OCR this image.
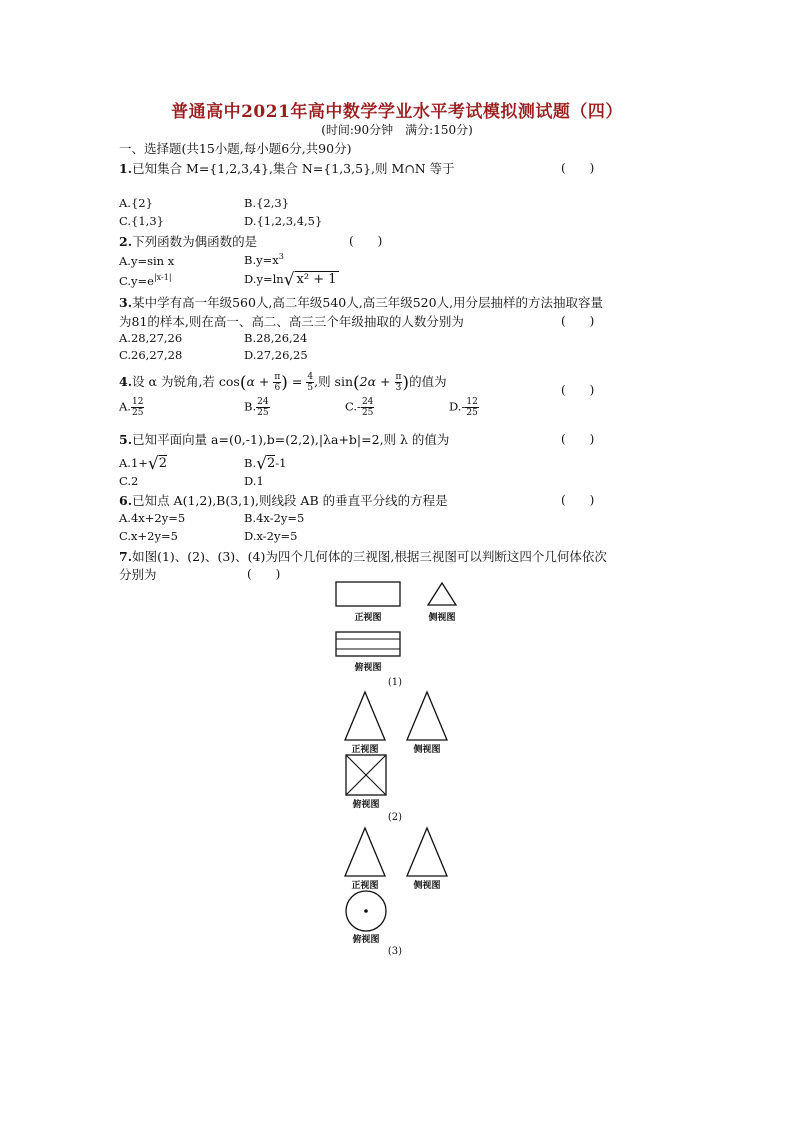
普通高中2021年高中数学学业水平考试模拟测试题（四）
(时间:90分钟　满分:150分)
一、选择题(共15小题,每小题6分,共90分)
1.已知集合 M={1,2,3,4},集合 N={1,3,5},则 M∩N 等于	(　　)
A.{2}	B.{2,3}
C.{1,3}	D.{1,2,3,4,5}
2.下列函数为偶函数的是	(　　)
A.y=sin x	$B.y=x^3$
$C.y=e^{|x-1|}$	D.y=ln√ x² + 1
3.某中学有高一年级560人,高二年级540人,高三年级520人,用分层抽样的方法抽取容量
为81的样本,则在高一、高二、高三三个年级抽取的人数分别为	(　　)
A.28,27,26	B.28,26,24
C.26,27,28	D.27,26,25
4.设 α 为锐角,若 $\cos(\alpha + \frac{\pi}{6}$ ) = $\frac{4}{5}$ ,则 $\sin(2\alpha + \frac{\pi}{3}$ )的值为
(　　)
A. $\frac{12}{25}$	B. $\frac{24}{25}$	$C.- \frac{24}{25}$	$D.- \frac{12}{25}$
5.已知平面向量 a=(0,-1),b=(2,2),|λa+b|=2,则 λ 的值为	(　　)
A.1+√2	B.√2-1
C.2	D.1
6.已知点 A(1,2),B(3,1),则线段 AB 的垂直平分线的方程是	(　　)
A.4x+2y=5	B.4x-2y=5
C.x+2y=5	D.x-2y=5
7.如图(1)、(2)、(3)、(4)为四个几何体的三视图,根据三视图可以判断这四个几何体依次
分别为	(　　)
正视图	侧视图
俯视图
(1)
正视图	侧视图
俯视图
(2)
正视图	侧视图
俯视图
(3)
